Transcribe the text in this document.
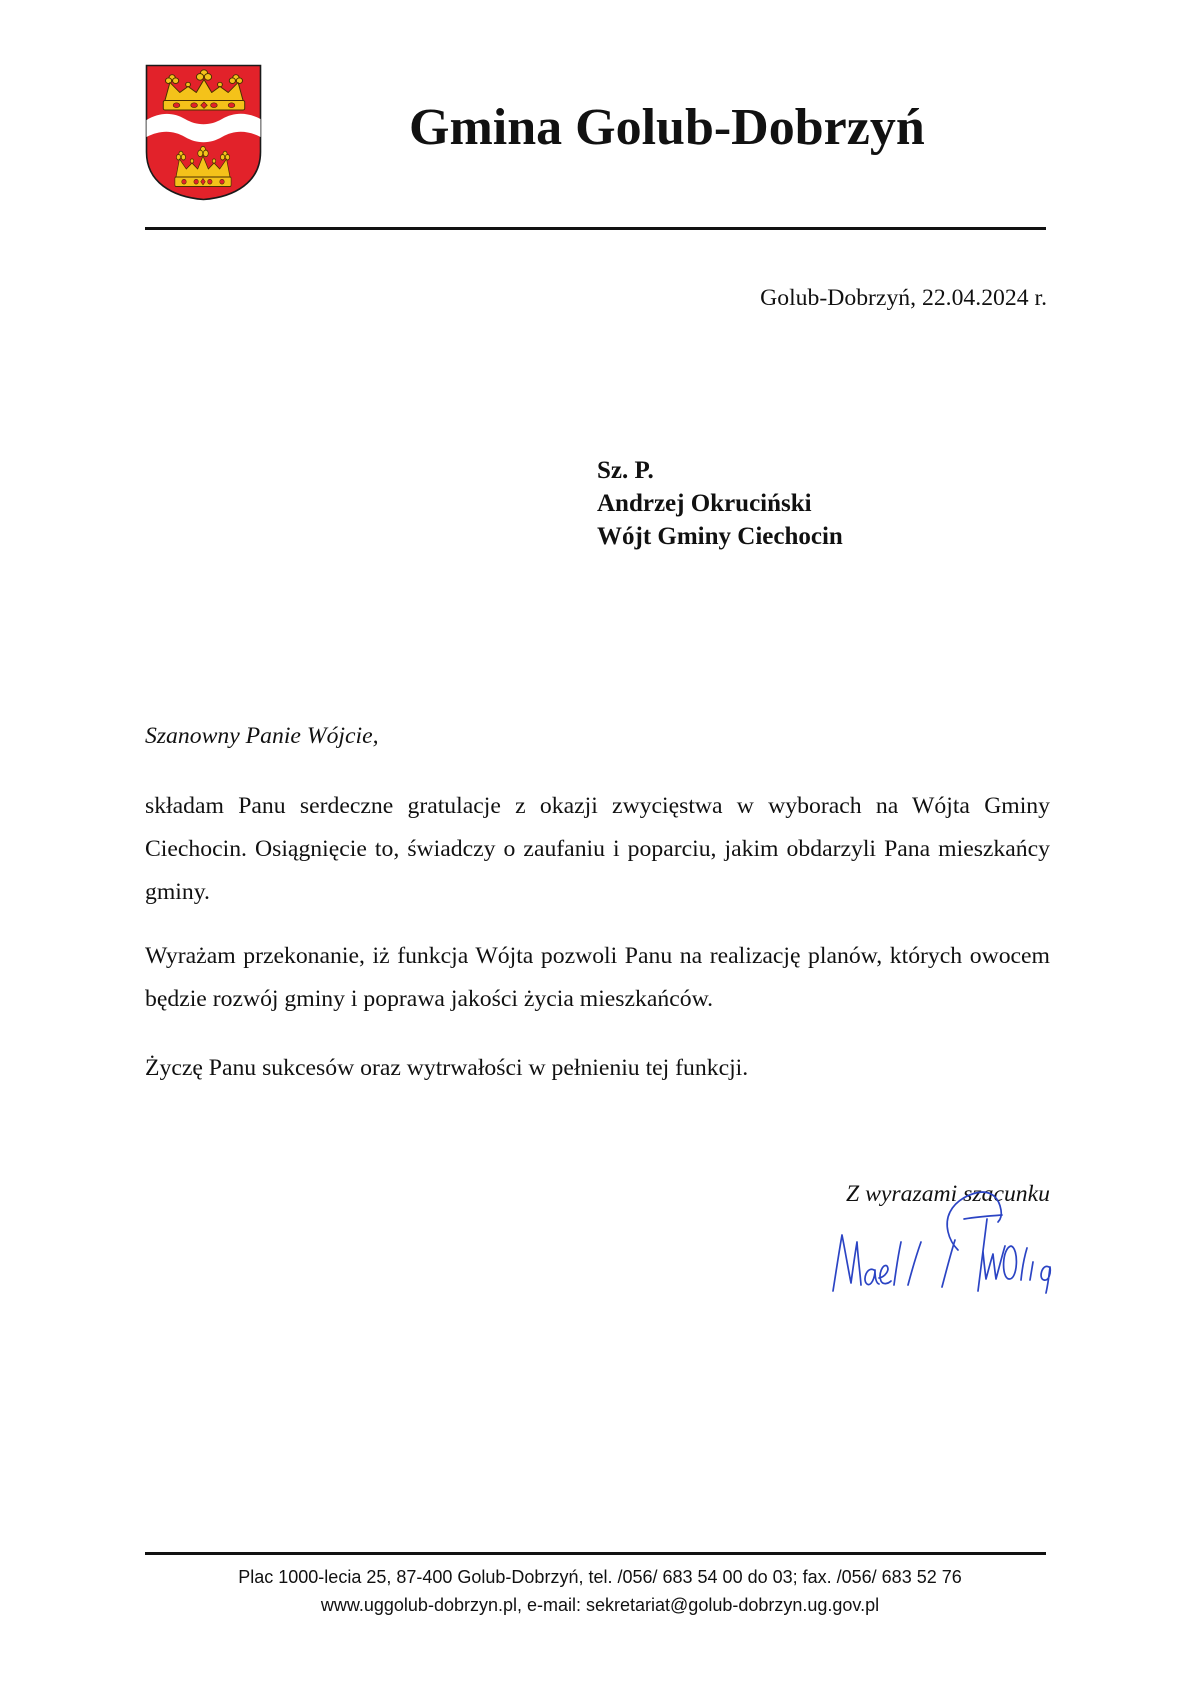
Gmina Golub-Dobrzyń
Golub-Dobrzyń, 22.04.2024 r.
Sz. P.
Andrzej Okruciński
Wójt Gminy Ciechocin
Szanowny Panie Wójcie,
składam Panu serdeczne gratulacje z okazji zwycięstwa w wyborach na Wójta Gminy
Ciechocin. Osiągnięcie to, świadczy o zaufaniu i poparciu, jakim obdarzyli Pana mieszkańcy
gminy.
Wyrażam przekonanie, iż funkcja Wójta pozwoli Panu na realizację planów, których owocem
będzie rozwój gminy i poprawa jakości życia mieszkańców.
Życzę Panu sukcesów oraz wytrwałości w pełnieniu tej funkcji.
Z wyrazami szacunku
Plac 1000-lecia 25, 87-400 Golub-Dobrzyń, tel. /056/ 683 54 00 do 03; fax. /056/ 683 52 76
www.uggolub-dobrzyn.pl, e-mail: sekretariat@golub-dobrzyn.ug.gov.pl
